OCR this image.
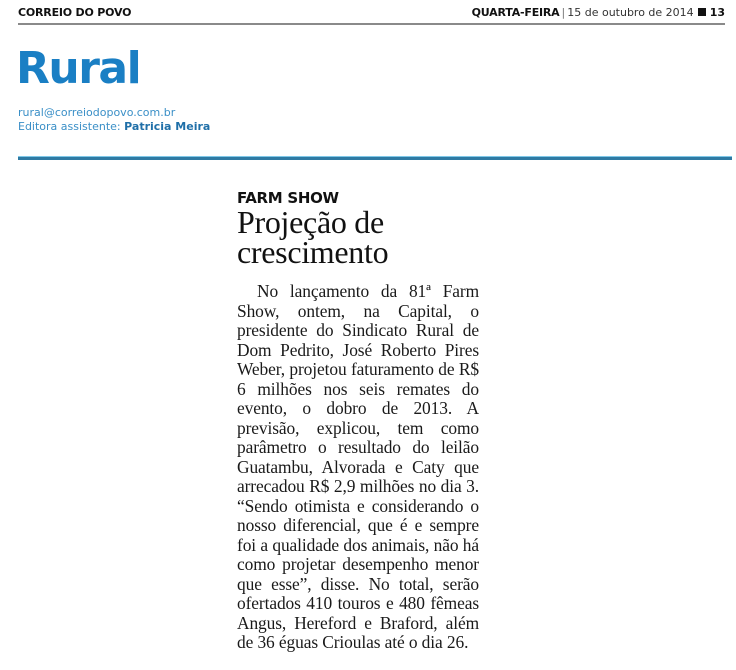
CORREIO DO POVO	QUARTA-FEIRA | 15 de outubro de 2014 13
Rural
rural@correiodopovo.com.br
Editora assistente: Patricia Meira
FARM SHOW
Projeção de crescimento

No lançamento da 81ª Farm Show, ontem, na Capital, o presidente do Sindicato Rural de Dom Pedrito, José Roberto Pires Weber, projetou faturamento de R$ 6 milhões nos seis remates do evento, o dobro de 2013. A previsão, explicou, tem como parâmetro o resultado do leilão Guatambu, Alvorada e Caty que arrecadou R$ 2,9 milhões no dia 3. “Sendo otimista e considerando o nosso diferencial, que é e sempre foi a qualidade dos animais, não há como projetar desempenho menor que esse”, disse. No total, serão ofertados 410 touros e 480 fêmeas Angus, Hereford e Braford, além de 36 éguas Crioulas até o dia 26.
